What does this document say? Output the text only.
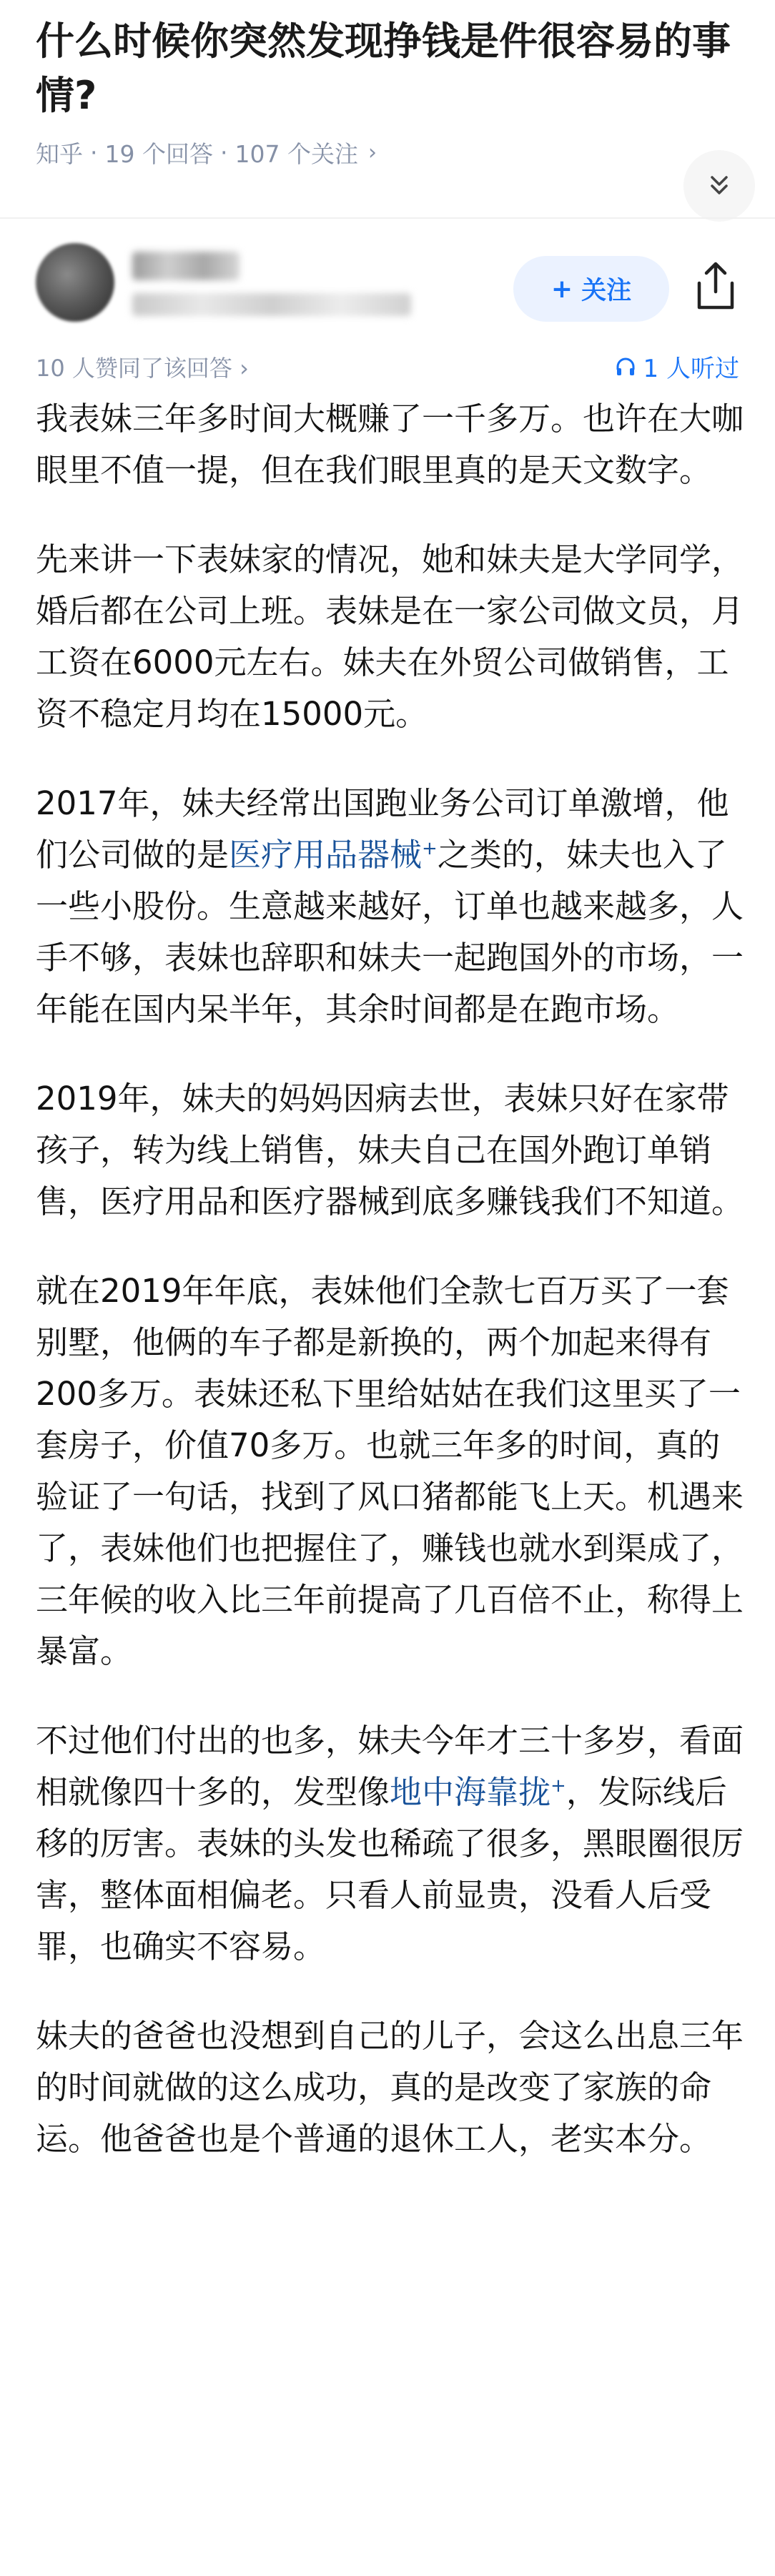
什么时候你突然发现挣钱是件很容易的事情?
知乎 · 19 个回答 · 107 个关注 ›
+ 关注
10 人赞同了该回答 ›	1 人听过

我表妹三年多时间大概赚了一千多万。也许在大咖眼里不值一提，但在我们眼里真的是天文数字。

先来讲一下表妹家的情况，她和妹夫是大学同学，婚后都在公司上班。表妹是在一家公司做文员，月工资在6000元左右。妹夫在外贸公司做销售，工资不稳定月均在15000元。

2017年，妹夫经常出国跑业务公司订单激增，他们公司做的是医疗用品器械+之类的，妹夫也入了一些小股份。生意越来越好，订单也越来越多，人手不够，表妹也辞职和妹夫一起跑国外的市场，一年能在国内呆半年，其余时间都是在跑市场。

2019年，妹夫的妈妈因病去世，表妹只好在家带孩子，转为线上销售，妹夫自己在国外跑订单销售，医疗用品和医疗器械到底多赚钱我们不知道。

就在2019年年底，表妹他们全款七百万买了一套别墅，他俩的车子都是新换的，两个加起来得有200多万。表妹还私下里给姑姑在我们这里买了一套房子，价值70多万。也就三年多的时间，真的验证了一句话，找到了风口猪都能飞上天。机遇来了，表妹他们也把握住了，赚钱也就水到渠成了，三年候的收入比三年前提高了几百倍不止，称得上暴富。

不过他们付出的也多，妹夫今年才三十多岁，看面相就像四十多的，发型像地中海靠拢+，发际线后移的厉害。表妹的头发也稀疏了很多，黑眼圈很厉害，整体面相偏老。只看人前显贵，没看人后受罪，也确实不容易。

妹夫的爸爸也没想到自己的儿子，会这么出息三年的时间就做的这么成功，真的是改变了家族的命运。他爸爸也是个普通的退休工人，老实本分。
